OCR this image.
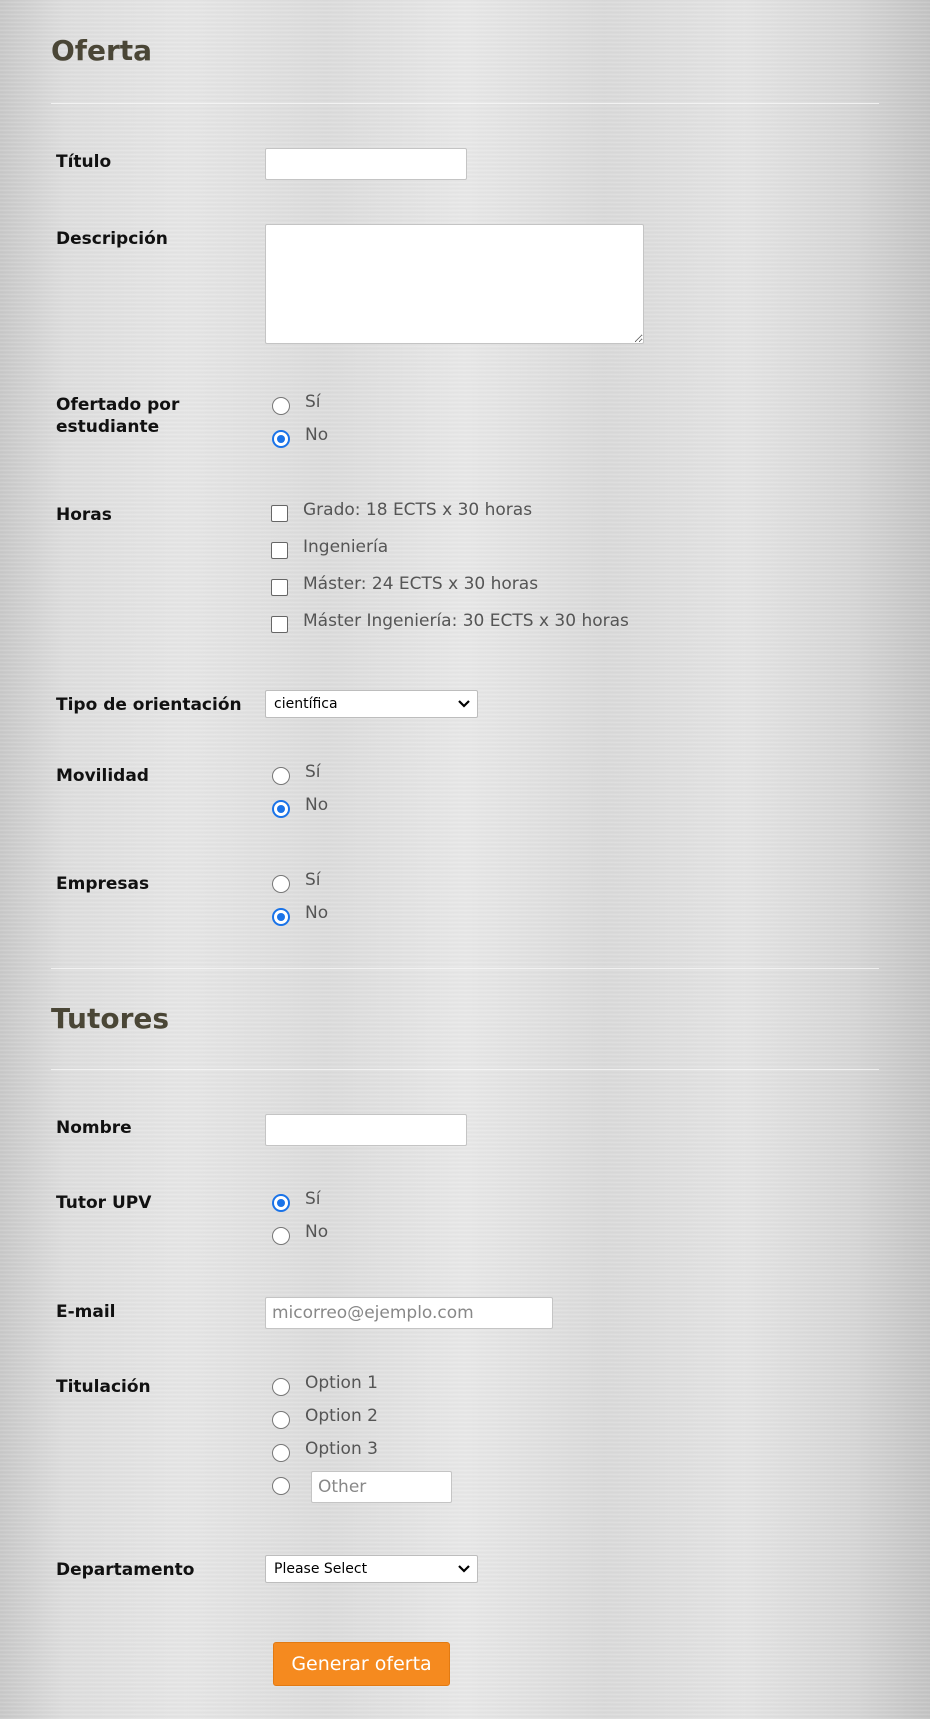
Oferta
Título
Descripción
Ofertado por estudiante
Sí
No
Horas	Grado: 18 ECTS x 30 horas
Ingeniería
Máster: 24 ECTS x 30 horas
Máster Ingeniería: 30 ECTS x 30 horas
Tipo de orientación	científica
Movilidad	Sí
No
Empresas	Sí
No
Tutores
Nombre
Tutor UPV	Sí
No
E-mail
micorreo@ejemplo.com
Titulación	Option 1
Option 2
Option 3
Other
Departamento	Please Select
Generar oferta
